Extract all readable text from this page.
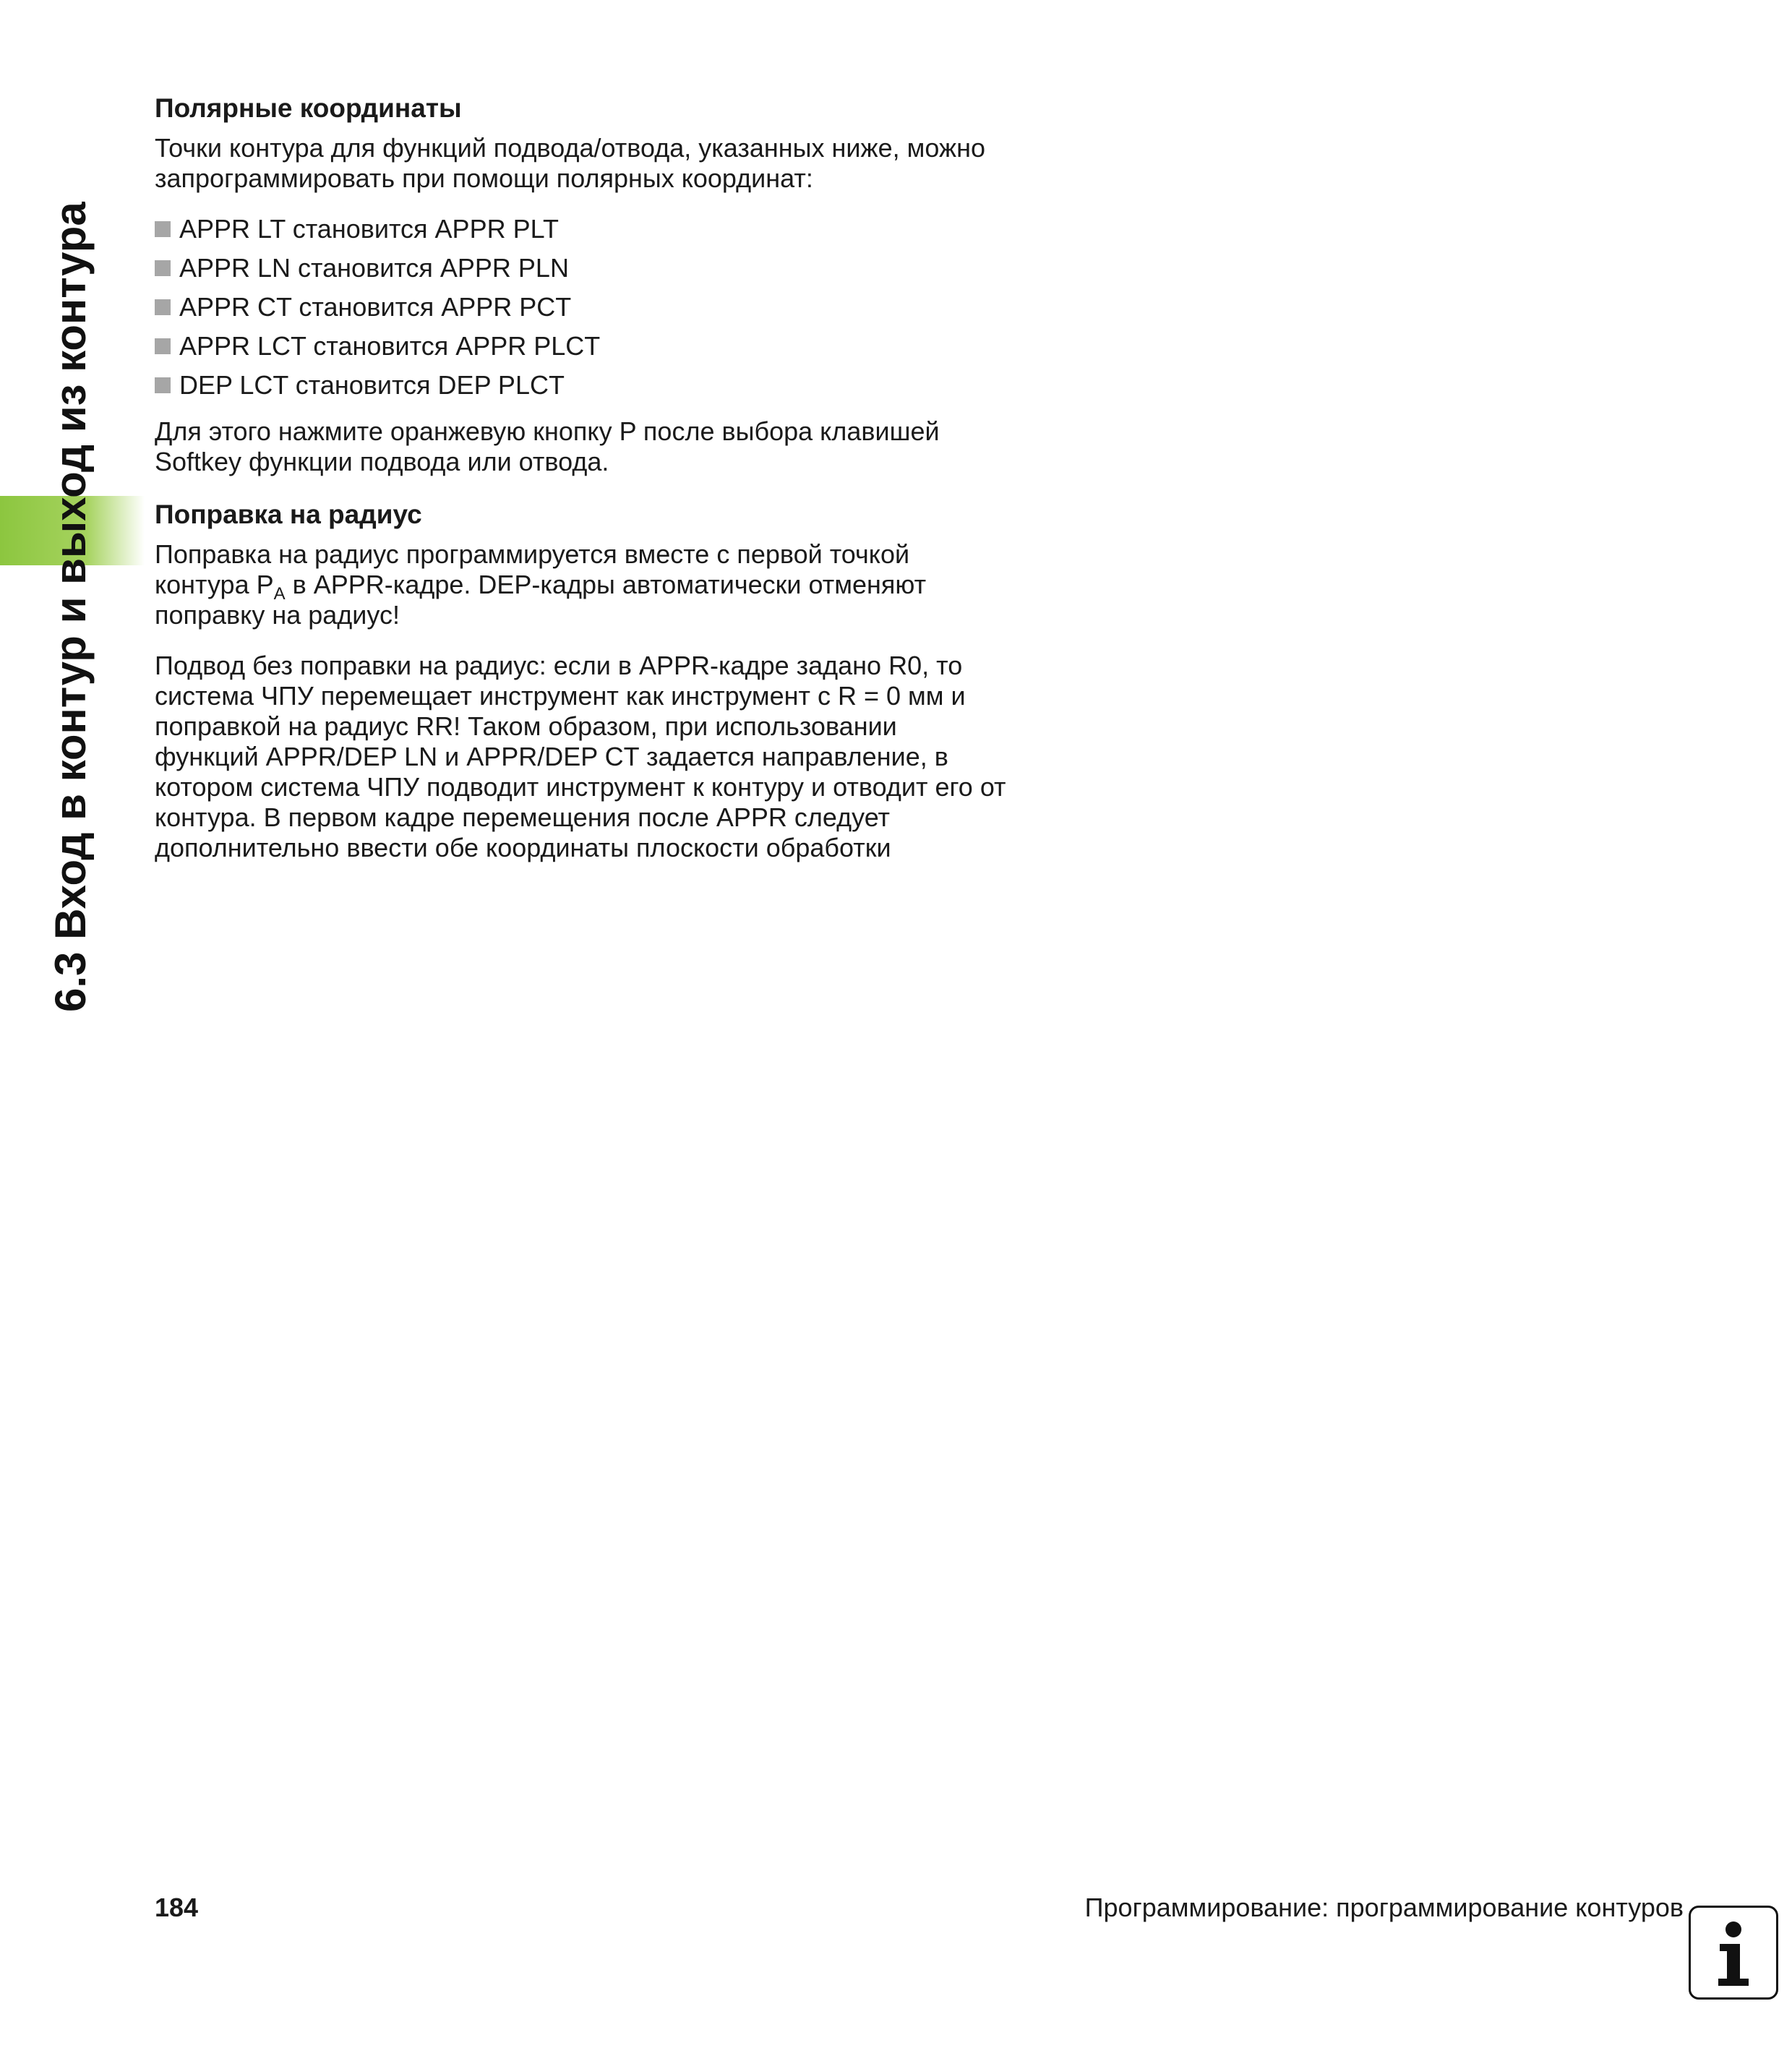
6.3 Вход в контур и выход из контура
Полярные координаты

Точки контура для функций подвода/отвода, указанных ниже, можно запрограммировать при помощи полярных координат:

APPR LT становится APPR PLT
APPR LN становится APPR PLN
APPR CT становится APPR PCT
APPR LCT становится APPR PLCT
DEP LCT становится DEP PLCT

Для этого нажмите оранжевую кнопку P после выбора клавишей Softkey функции подвода или отвода.

Поправка на радиус

Поправка на радиус программируется вместе с первой точкой контура $P_A$ в APPR-кадре. DEP-кадры автоматически отменяют поправку на радиус!

Подвод без поправки на радиус: если в APPR-кадре задано R0, то система ЧПУ перемещает инструмент как инструмент с R = 0 мм и поправкой на радиус RR! Таком образом, при использовании функций APPR/DEP LN и APPR/DEP CT задается направление, в котором система ЧПУ подводит инструмент к контуру и отводит его от контура. В первом кадре перемещения после APPR следует дополнительно ввести обе координаты плоскости обработки

184	Программирование: программирование контуров
